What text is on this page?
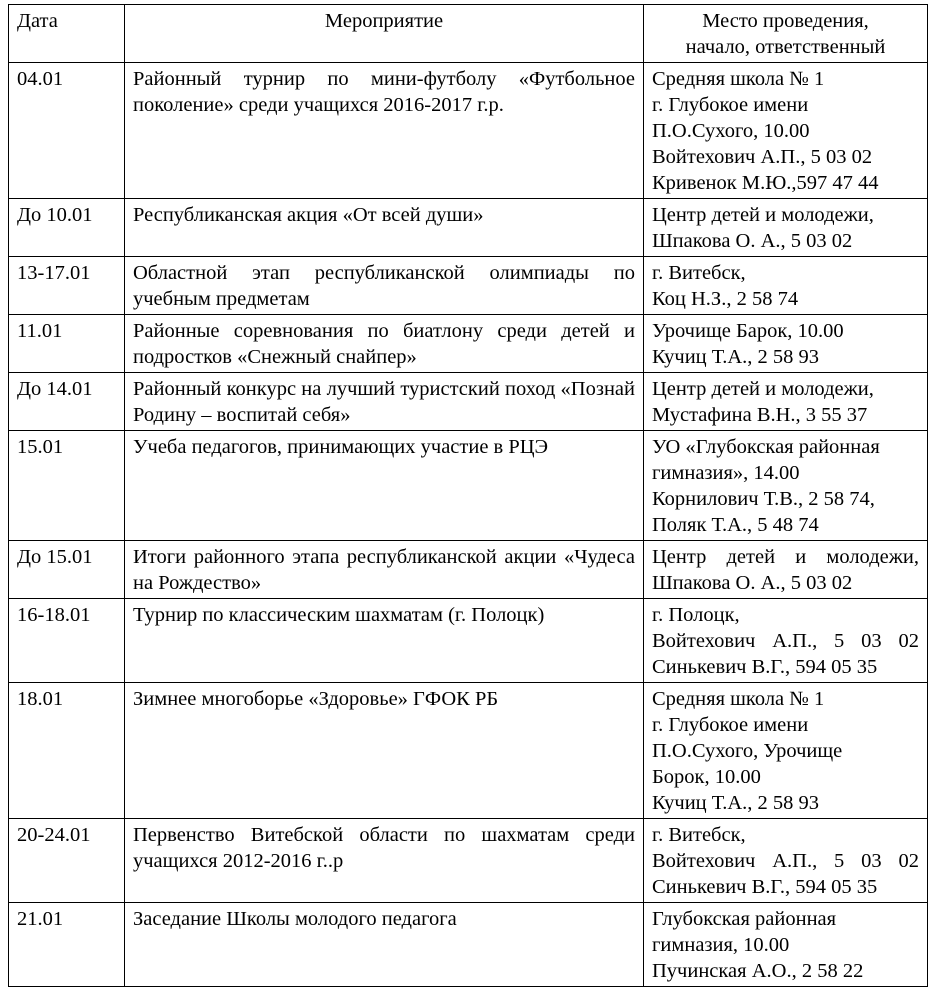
Дата	Мероприятие	Место проведения,
начало, ответственный

04.01	Районный турнир по мини-футболу «Футбольное поколение» среди учащихся 2016-2017 г.р.	Средняя школа № 1
г. Глубокое имени
П.О.Сухого, 10.00
Войтехович А.П., 5 03 02
Кривенок М.Ю.,597 47 44

До 10.01	Республиканская акция «От всей души»	Центр детей и молодежи,
Шпакова О. А., 5 03 02

13-17.01	Областной этап республиканской олимпиады по учебным предметам	г. Витебск,
Коц Н.З., 2 58 74

11.01	Районные соревнования по биатлону среди детей и подростков «Снежный снайпер»	Урочище Барок, 10.00
Кучиц Т.А., 2 58 93

До 14.01	Районный конкурс на лучший туристский поход «Познай Родину – воспитай себя»	Центр детей и молодежи,
Мустафина В.Н., 3 55 37

15.01	Учеба педагогов, принимающих участие в РЦЭ	УО «Глубокская районная
гимназия», 14.00
Корнилович Т.В., 2 58 74,
Поляк Т.А., 5 48 74

До 15.01	Итоги районного этапа республиканской акции «Чудеса на Рождество»	Центр детей и молодежи,
Шпакова О. А., 5 03 02

16-18.01	Турнир по классическим шахматам (г. Полоцк)	г. Полоцк,
Войтехович А.П., 5 03 02
Синькевич В.Г., 594 05 35

18.01	Зимнее многоборье «Здоровье» ГФОК РБ	Средняя школа № 1
г. Глубокое имени
П.О.Сухого, Урочище
Борок, 10.00
Кучиц Т.А., 2 58 93

20-24.01	Первенство Витебской области по шахматам среди учащихся 2012-2016 г..р	г. Витебск,
Войтехович А.П., 5 03 02
Синькевич В.Г., 594 05 35

21.01	Заседание Школы молодого педагога	Глубокская районная
гимназия, 10.00
Пучинская А.О., 2 58 22
